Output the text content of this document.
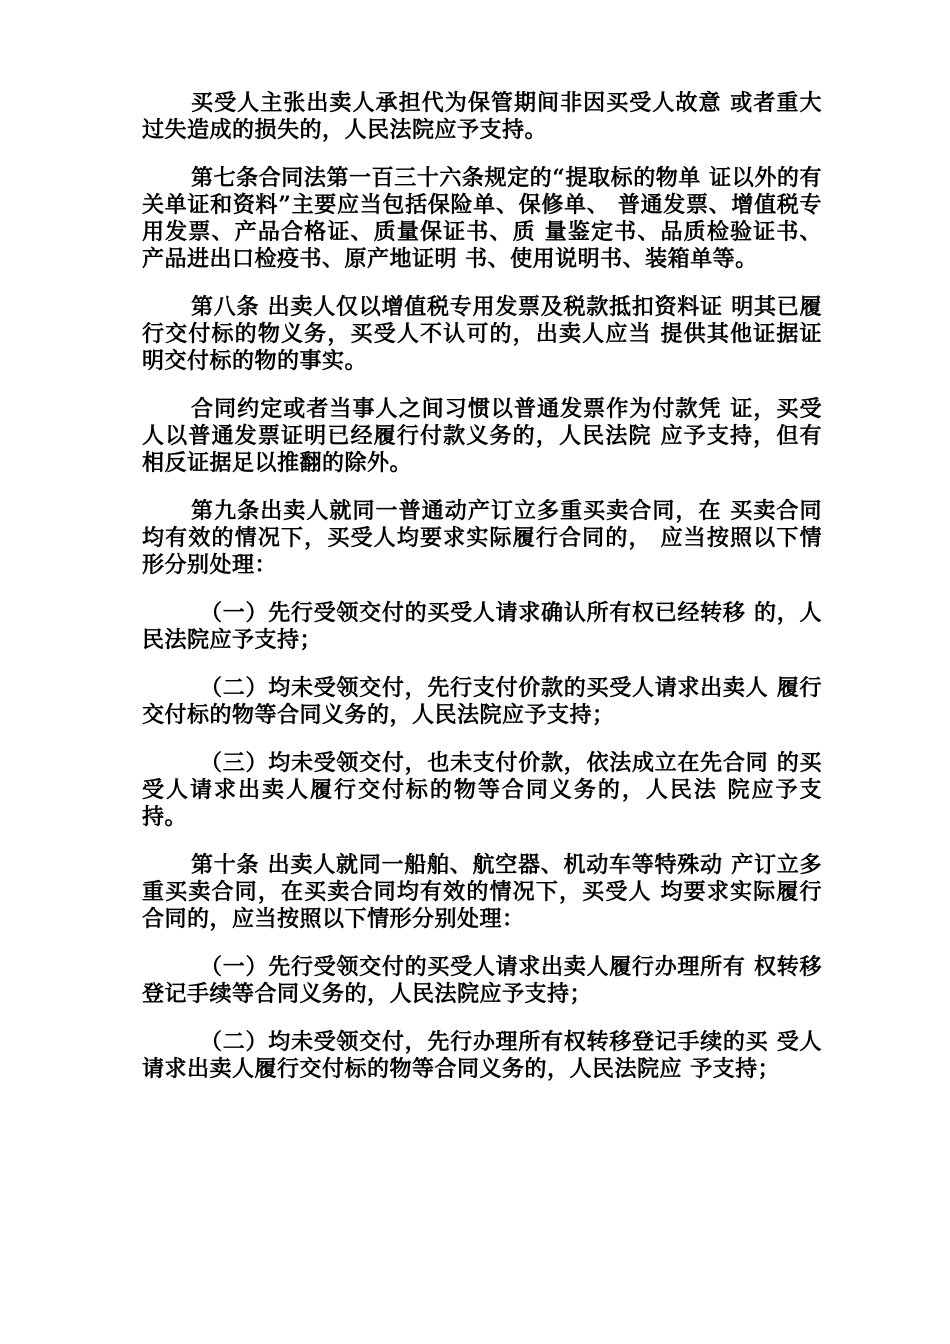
买受人主张出卖人承担代为保管期间非因买受人故意 或者重大过失造成的损失的，人民法院应予支持。

第七条合同法第一百三十六条规定的“提取标的物单 证以外的有关单证和资料”主要应当包括保险单、保修单、 普通发票、增值税专用发票、产品合格证、质量保证书、质 量鉴定书、品质检验证书、产品进出口检疫书、原产地证明 书、使用说明书、装箱单等。

第八条 出卖人仅以增值税专用发票及税款抵扣资料证 明其已履行交付标的物义务，买受人不认可的，出卖人应当 提供其他证据证明交付标的物的事实。

合同约定或者当事人之间习惯以普通发票作为付款凭 证，买受人以普通发票证明已经履行付款义务的，人民法院 应予支持，但有相反证据足以推翻的除外。

第九条出卖人就同一普通动产订立多重买卖合同，在 买卖合同均有效的情况下，买受人均要求实际履行合同的， 应当按照以下情形分别处理：

（一）先行受领交付的买受人请求确认所有权已经转移 的，人民法院应予支持；

（二）均未受领交付，先行支付价款的买受人请求出卖人 履行交付标的物等合同义务的，人民法院应予支持；

（三）均未受领交付，也未支付价款，依法成立在先合同 的买受人请求出卖人履行交付标的物等合同义务的，人民法 院应予支持。

第十条 出卖人就同一船舶、航空器、机动车等特殊动 产订立多重买卖合同，在买卖合同均有效的情况下，买受人 均要求实际履行合同的，应当按照以下情形分别处理：

（一）先行受领交付的买受人请求出卖人履行办理所有 权转移登记手续等合同义务的，人民法院应予支持；

（二）均未受领交付，先行办理所有权转移登记手续的买 受人请求出卖人履行交付标的物等合同义务的，人民法院应 予支持；
